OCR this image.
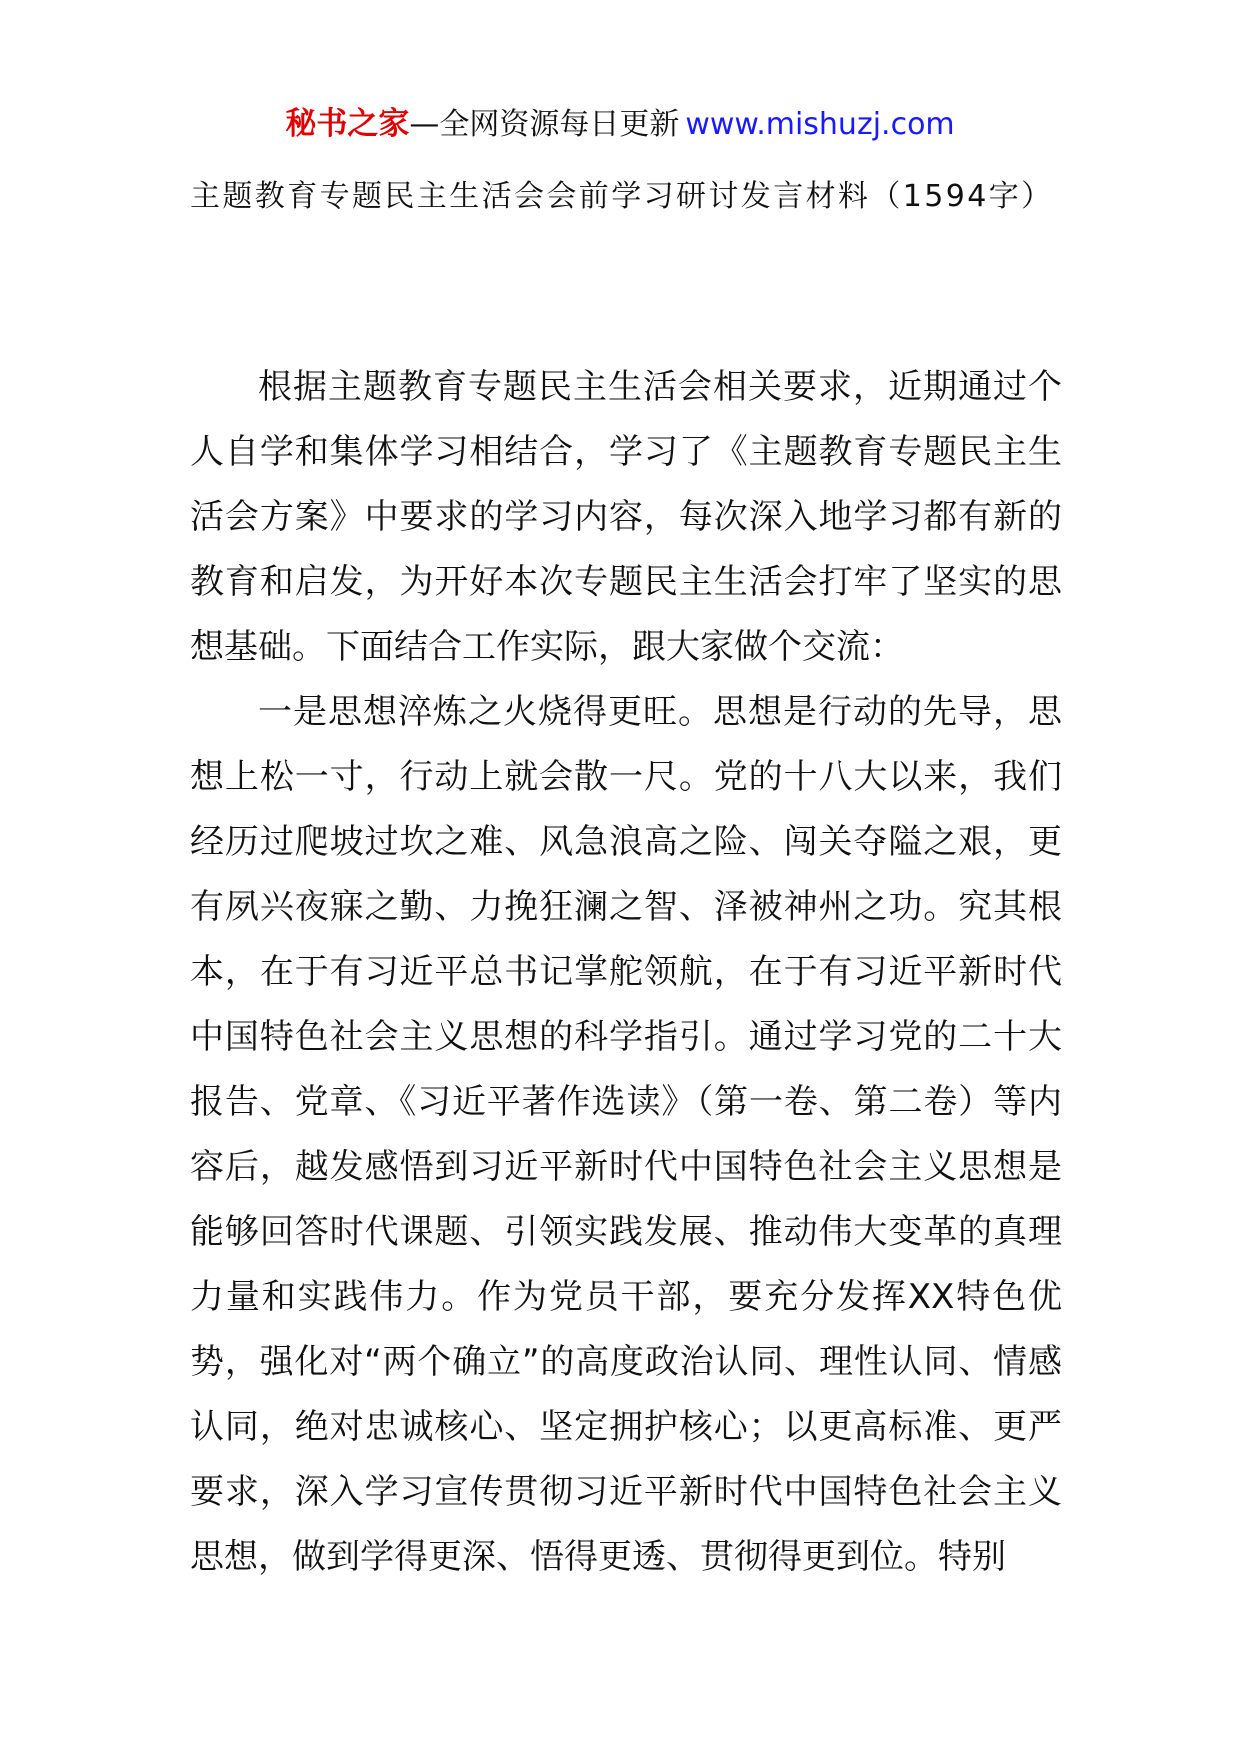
秘书之家—全网资源每日更新 www.mishuzj.com
主题教育专题民主生活会会前学习研讨发言材料（1594字）

根据主题教育专题民主生活会相关要求，近期通过个人自学和集体学习相结合，学习了《主题教育专题民主生活会方案》中要求的学习内容，每次深入地学习都有新的教育和启发，为开好本次专题民主生活会打牢了坚实的思想基础。下面结合工作实际，跟大家做个交流：

一是思想淬炼之火烧得更旺。思想是行动的先导，思想上松一寸，行动上就会散一尺。党的十八大以来，我们经历过爬坡过坎之难、风急浪高之险、闯关夺隘之艰，更有夙兴夜寐之勤、力挽狂澜之智、泽被神州之功。究其根本，在于有习近平总书记掌舵领航，在于有习近平新时代中国特色社会主义思想的科学指引。通过学习党的二十大报告、党章、《习近平著作选读》（第一卷、第二卷）等内容后，越发感悟到习近平新时代中国特色社会主义思想是能够回答时代课题、引领实践发展、推动伟大变革的真理力量和实践伟力。作为党员干部，要充分发挥XX特色优势，强化对“两个确立”的高度政治认同、理性认同、情感认同，绝对忠诚核心、坚定拥护核心；以更高标准、更严要求，深入学习宣传贯彻习近平新时代中国特色社会主义思想，做到学得更深、悟得更透、贯彻得更到位。特别
